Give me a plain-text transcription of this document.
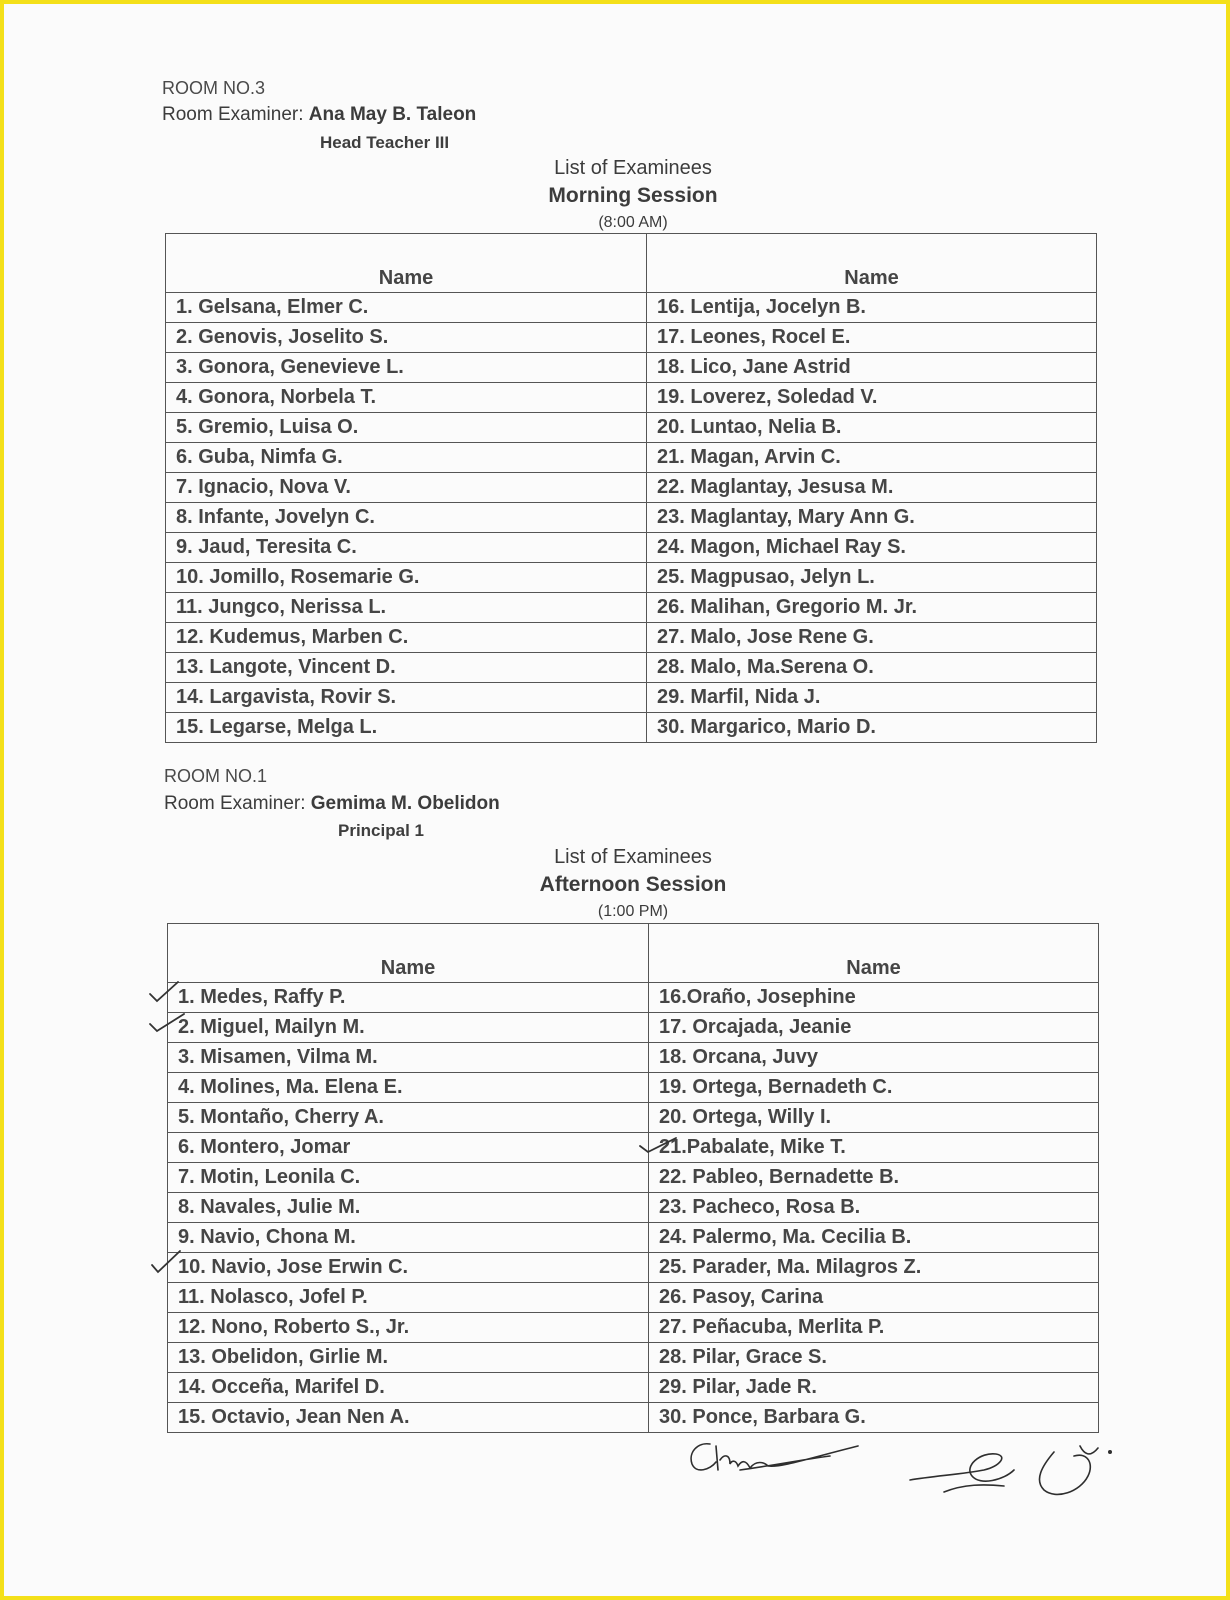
ROOM NO.3
Room Examiner: Ana May B. Taleon
Head Teacher III
List of Examinees
Morning Session
(8:00 AM)
Name	Name
1. Gelsana, Elmer C.	16. Lentija, Jocelyn B.
2. Genovis, Joselito S.	17. Leones, Rocel E.
3. Gonora, Genevieve L.	18. Lico, Jane Astrid
4. Gonora, Norbela T.	19. Loverez, Soledad V.
5. Gremio, Luisa O.	20. Luntao, Nelia B.
6. Guba, Nimfa G.	21. Magan, Arvin C.
7. Ignacio, Nova V.	22. Maglantay, Jesusa M.
8. Infante, Jovelyn C.	23. Maglantay, Mary Ann G.
9. Jaud, Teresita C.	24. Magon, Michael Ray S.
10. Jomillo, Rosemarie G.	25. Magpusao, Jelyn L.
11. Jungco, Nerissa L.	26. Malihan, Gregorio M. Jr.
12. Kudemus, Marben C.	27. Malo, Jose Rene G.
13. Langote, Vincent D.	28. Malo, Ma.Serena O.
14. Largavista, Rovir S.	29. Marfil, Nida J.
15. Legarse, Melga L.	30. Margarico, Mario D.
ROOM NO.1
Room Examiner: Gemima M. Obelidon
Principal 1
List of Examinees
Afternoon Session
(1:00 PM)
Name	Name
1. Medes, Raffy P.	16.Oraño, Josephine
2. Miguel, Mailyn M.	17. Orcajada, Jeanie
3. Misamen, Vilma M.	18. Orcana, Juvy
4. Molines, Ma. Elena E.	19. Ortega, Bernadeth C.
5. Montaño, Cherry A.	20. Ortega, Willy I.
6. Montero, Jomar	21.Pabalate, Mike T.
7. Motin, Leonila C.	22. Pableo, Bernadette B.
8. Navales, Julie M.	23. Pacheco, Rosa B.
9. Navio, Chona M.	24. Palermo, Ma. Cecilia B.
10. Navio, Jose Erwin C.	25. Parader, Ma. Milagros Z.
11. Nolasco, Jofel P.	26. Pasoy, Carina
12. Nono, Roberto S., Jr.	27. Peñacuba, Merlita P.
13. Obelidon, Girlie M.	28. Pilar, Grace S.
14. Occeña, Marifel D.	29. Pilar, Jade R.
15. Octavio, Jean Nen A.	30. Ponce, Barbara G.
